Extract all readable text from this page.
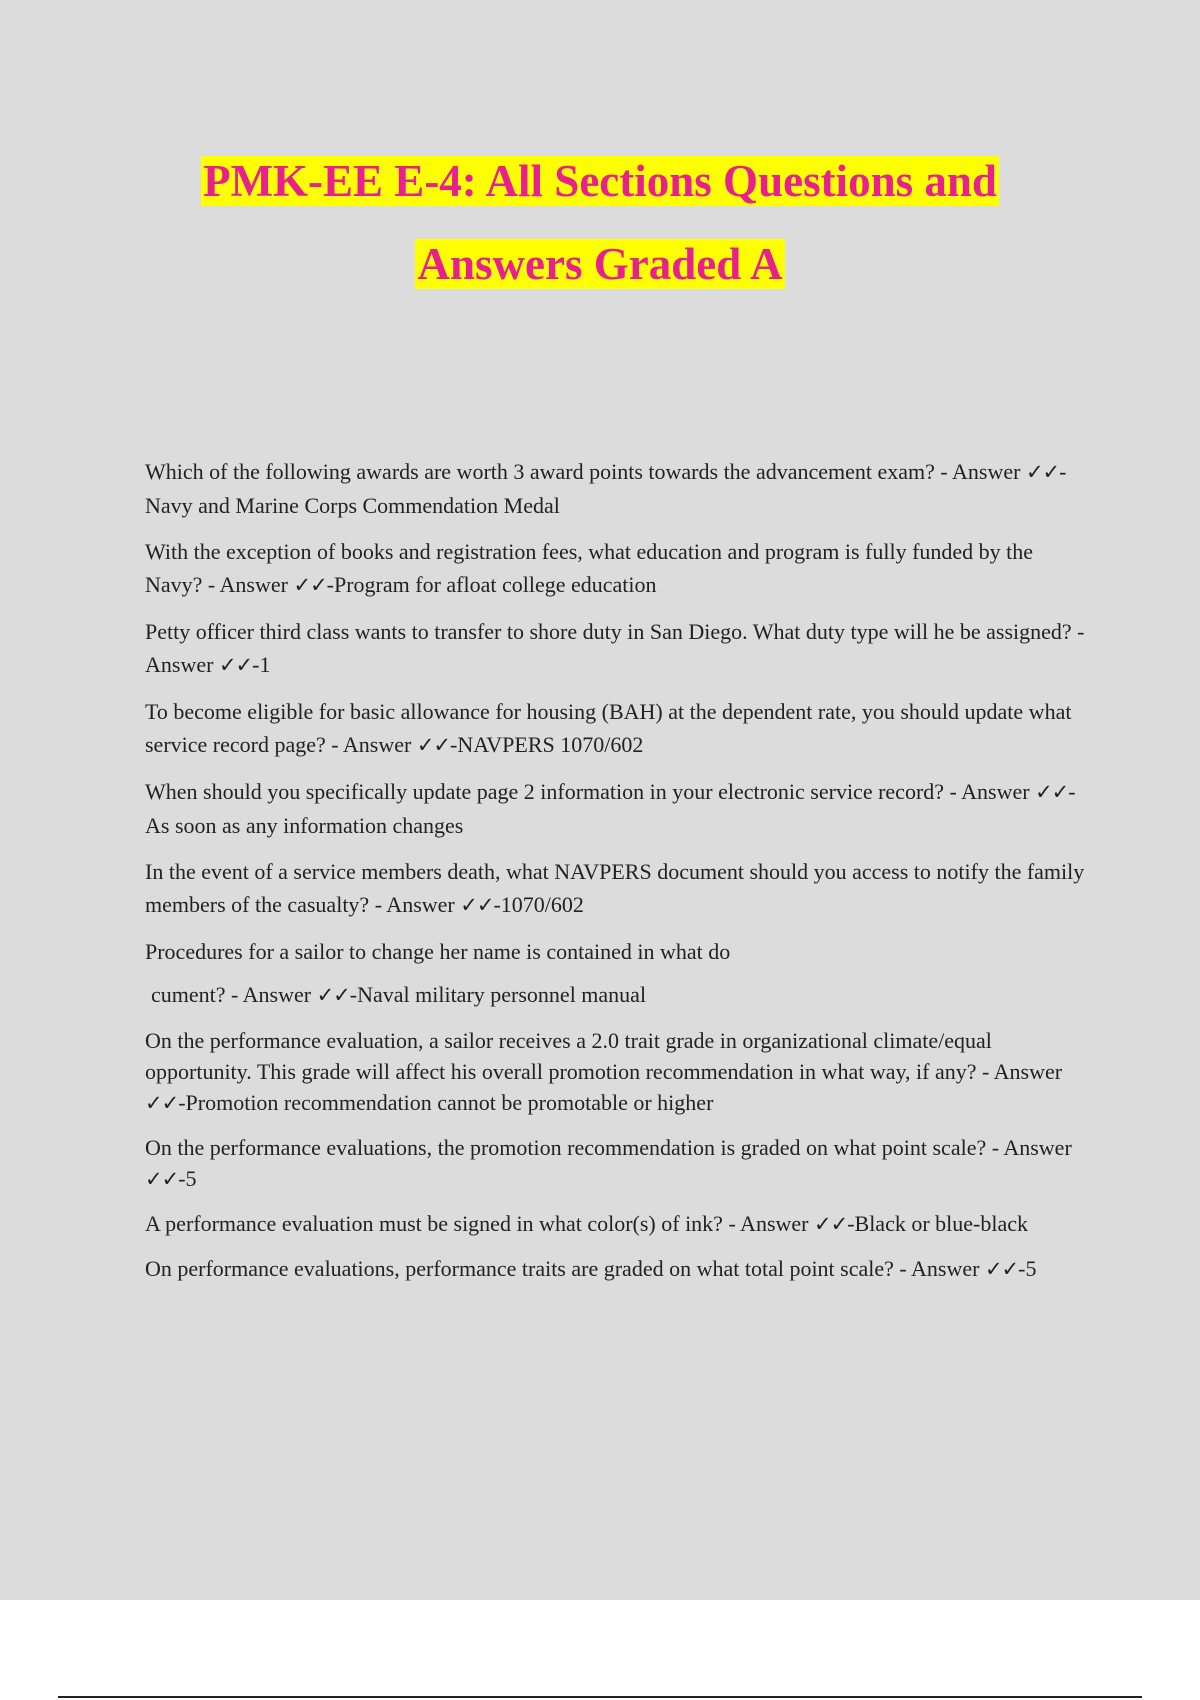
PMK-EE E-4: All Sections Questions and
Answers Graded A

Which of the following awards are worth 3 award points towards the advancement exam? - Answer ✓✓-Navy and Marine Corps Commendation Medal

With the exception of books and registration fees, what education and program is fully funded by the Navy? - Answer ✓✓-Program for afloat college education

Petty officer third class wants to transfer to shore duty in San Diego. What duty type will he be assigned? - Answer ✓✓-1

To become eligible for basic allowance for housing (BAH) at the dependent rate, you should update what service record page? - Answer ✓✓-NAVPERS 1070/602

When should you specifically update page 2 information in your electronic service record? - Answer ✓✓-As soon as any information changes

In the event of a service members death, what NAVPERS document should you access to notify the family members of the casualty? - Answer ✓✓-1070/602

Procedures for a sailor to change her name is contained in what do

cument? - Answer ✓✓-Naval military personnel manual

On the performance evaluation, a sailor receives a 2.0 trait grade in organizational climate/equal opportunity. This grade will affect his overall promotion recommendation in what way, if any? - Answer ✓✓-Promotion recommendation cannot be promotable or higher

On the performance evaluations, the promotion recommendation is graded on what point scale? - Answer ✓✓-5

A performance evaluation must be signed in what color(s) of ink? - Answer ✓✓-Black or blue-black

On performance evaluations, performance traits are graded on what total point scale? - Answer ✓✓-5
